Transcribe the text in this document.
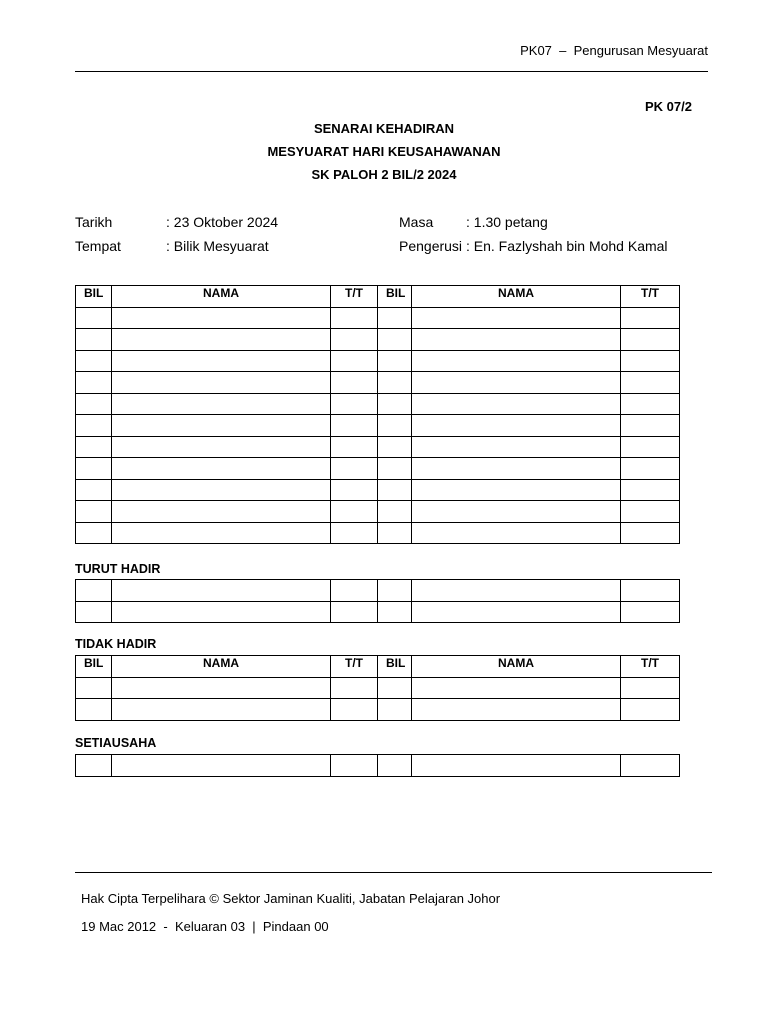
PK07  –  Pengurusan Mesyuarat
PK 07/2
SENARAI KEHADIRAN
MESYUARAT HARI KEUSAHAWANAN
SK PALOH 2 BIL/2 2024
Tarikh	: 23 Oktober 2024	Masa : 1.30 petang
Tempat	: Bilik Mesyuarat	Pengerusi : En. Fazlyshah bin Mohd Kamal
BIL	NAMA	T/T	BIL	NAMA	T/T

TURUT HADIR

TIDAK HADIR
BIL	NAMA	T/T	BIL	NAMA	T/T

SETIAUSAHA

Hak Cipta Terpelihara © Sektor Jaminan Kualiti, Jabatan Pelajaran Johor
19 Mac 2012  -  Keluaran 03  |  Pindaan 00
